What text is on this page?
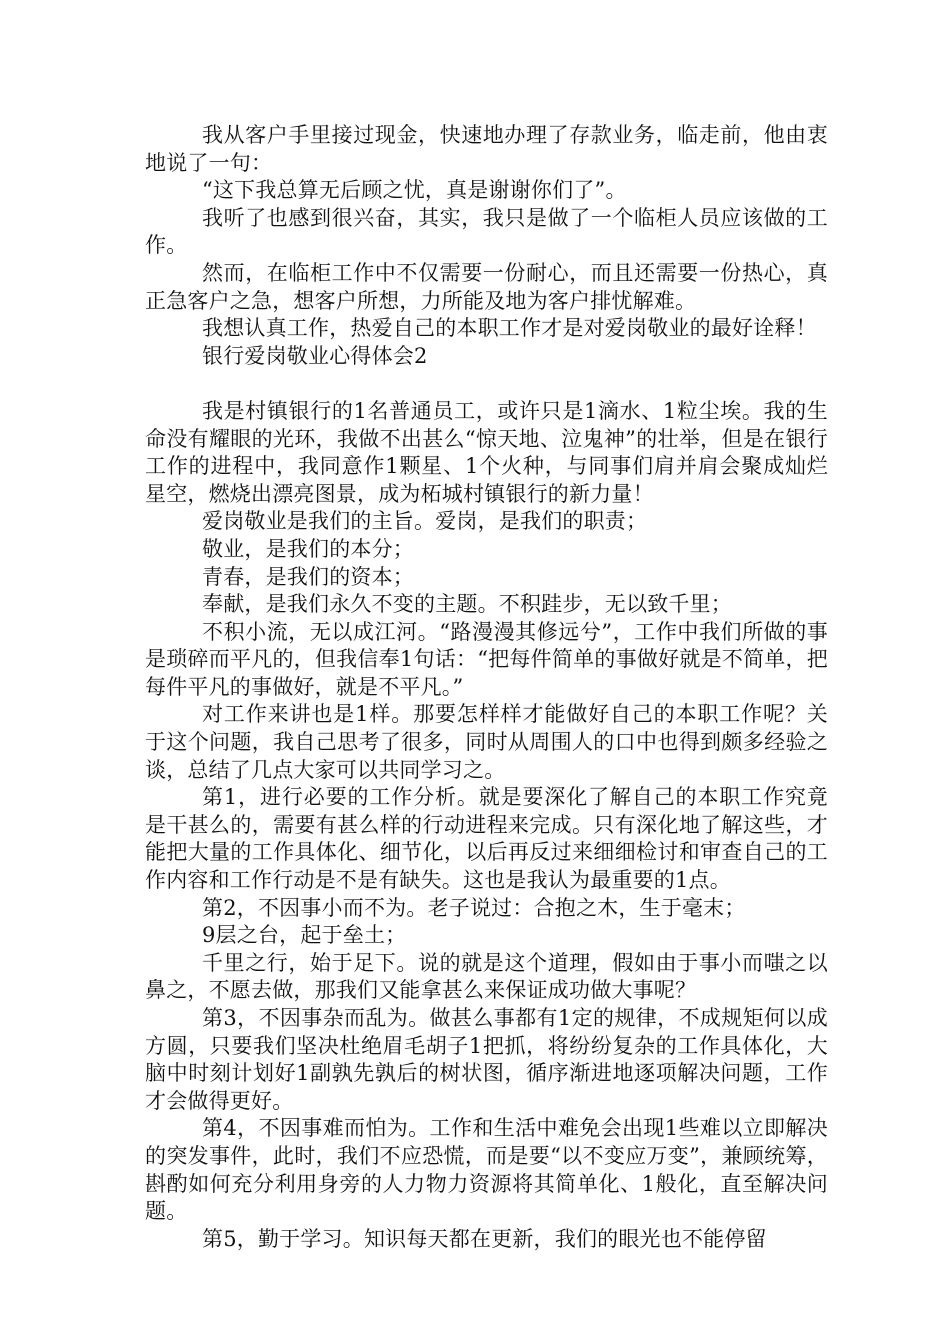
我从客户手里接过现金，快速地办理了存款业务，临走前，他由衷地说了一句：

“这下我总算无后顾之忧，真是谢谢你们了”。

我听了也感到很兴奋，其实，我只是做了一个临柜人员应该做的工作。

然而，在临柜工作中不仅需要一份耐心，而且还需要一份热心，真正急客户之急，想客户所想，力所能及地为客户排忧解难。

我想认真工作，热爱自己的本职工作才是对爱岗敬业的最好诠释！

银行爱岗敬业心得体会2

我是村镇银行的1名普通员工，或许只是1滴水、1粒尘埃。我的生命没有耀眼的光环，我做不出甚么“惊天地、泣鬼神”的壮举，但是在银行工作的进程中，我同意作1颗星、1个火种，与同事们肩并肩会聚成灿烂星空，燃烧出漂亮图景，成为柘城村镇银行的新力量！

爱岗敬业是我们的主旨。爱岗，是我们的职责；

敬业，是我们的本分；

青春，是我们的资本；

奉献，是我们永久不变的主题。不积跬步，无以致千里；

不积小流，无以成江河。“路漫漫其修远兮”，工作中我们所做的事是琐碎而平凡的，但我信奉1句话：“把每件简单的事做好就是不简单，把每件平凡的事做好，就是不平凡。”

对工作来讲也是1样。那要怎样样才能做好自己的本职工作呢？关于这个问题，我自己思考了很多，同时从周围人的口中也得到颇多经验之谈，总结了几点大家可以共同学习之。

第1，进行必要的工作分析。就是要深化了解自己的本职工作究竟是干甚么的，需要有甚么样的行动进程来完成。只有深化地了解这些，才能把大量的工作具体化、细节化，以后再反过来细细检讨和审查自己的工作内容和工作行动是不是有缺失。这也是我认为最重要的1点。

第2，不因事小而不为。老子说过：合抱之木，生于毫末；

9层之台，起于垒土；

千里之行，始于足下。说的就是这个道理，假如由于事小而嗤之以鼻之，不愿去做，那我们又能拿甚么来保证成功做大事呢？

第3，不因事杂而乱为。做甚么事都有1定的规律，不成规矩何以成方圆，只要我们坚决杜绝眉毛胡子1把抓，将纷纷复杂的工作具体化，大脑中时刻计划好1副孰先孰后的树状图，循序渐进地逐项解决问题，工作才会做得更好。

第4，不因事难而怕为。工作和生活中难免会出现1些难以立即解决的突发事件，此时，我们不应恐慌，而是要“以不变应万变”，兼顾统筹，斟酌如何充分利用身旁的人力物力资源将其简单化、1般化，直至解决问题。

第5，勤于学习。知识每天都在更新，我们的眼光也不能停留
